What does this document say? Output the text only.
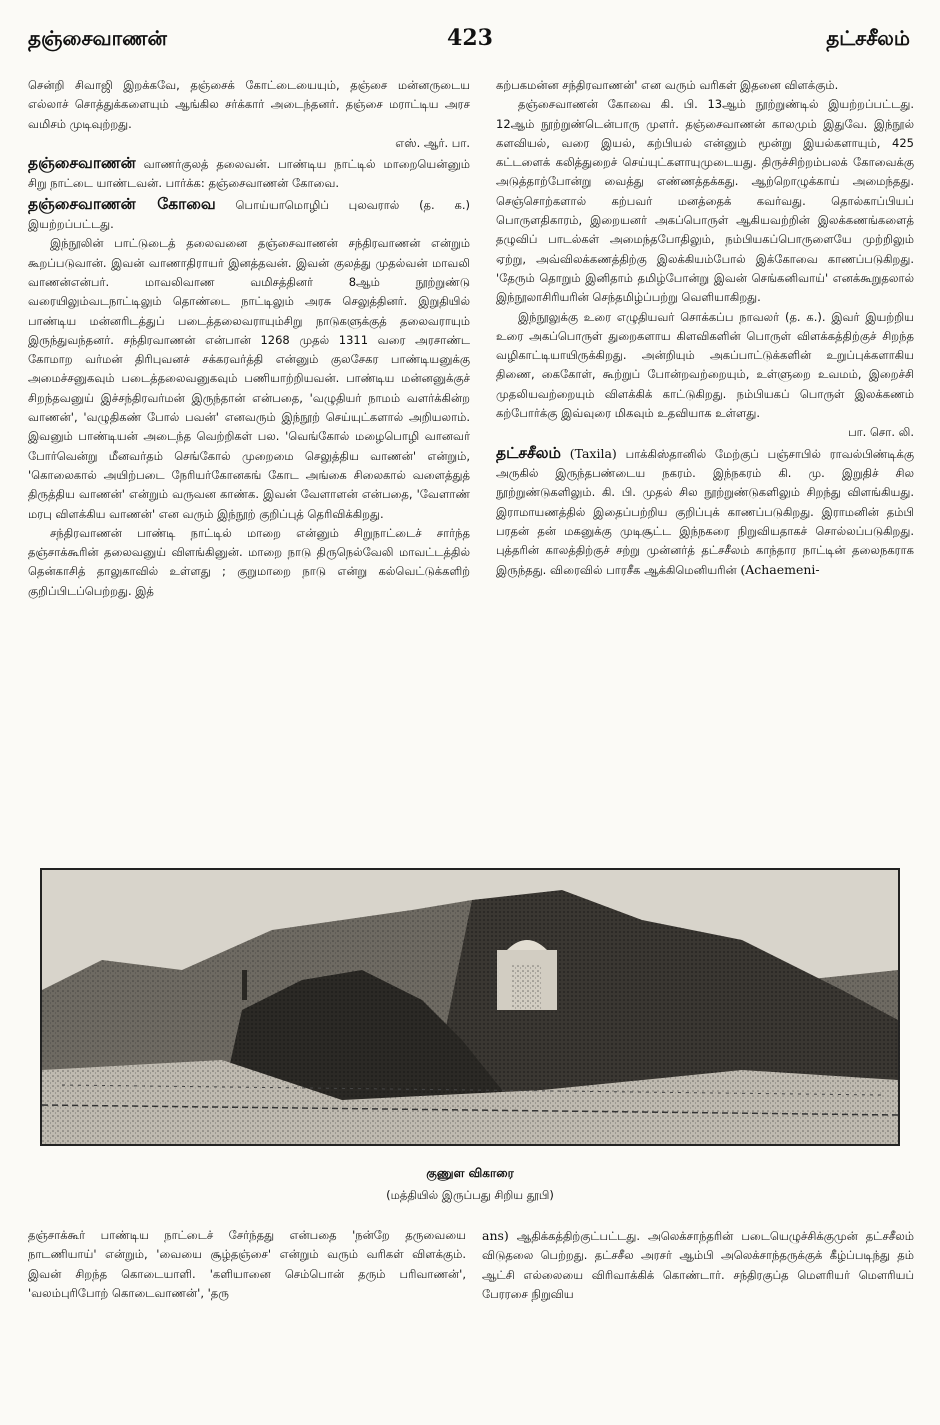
தஞ்சைவாணன்	423	தட்சசீலம்

சென்றி சிவாஜி இறக்கவே, தஞ்சைக் கோட்டையையும், தஞ்சை மன்னருடைய எல்லாச் சொத்துக்களையும் ஆங்கில சர்க்கார் அடைந்தனர். தஞ்சை மராட்டிய அரச வமிசம் முடிவுற்றது.

எஸ். ஆர். பா.

தஞ்சைவாணன் வாணர்குலத் தலைவன். பாண்டிய நாட்டில் மாறையென்னும் சிறு நாட்டை யாண்டவன். பார்க்க: தஞ்சைவாணன் கோவை.

தஞ்சைவாணன் கோவை பொய்யாமொழிப் புலவரால் (த. க.) இயற்றப்பட்டது.

இந்நூலின் பாட்டுடைத் தலைவனை தஞ்சைவாணன் சந்திரவாணன் என்றும் கூறப்படுவான். இவன் வாணாதிராயர் இனத்தவன். இவன் குலத்து முதல்வன் மாவலி வாணன்என்பர். மாவலிவாண வமிசத்தினர் 8ஆம் நூற்றுண்டு வரையிலும்வடநாட்டிலும் தொண்டை நாட்டிலும் அரசு செலுத்தினர். இறுதியில் பாண்டிய மன்னரிடத்துப் படைத்தலைவராயும்சிறு நாடுகளுக்குத் தலைவராயும் இருந்துவந்தனர். சந்திரவாணன் என்பான் 1268 முதல் 1311 வரை அரசாண்ட கோமாற வர்மன் திரிபுவனச் சக்கரவர்த்தி என்னும் குலசேகர பாண்டியனுக்கு அமைச்சனுகவும் படைத்தலைவனுகவும் பணியாற்றியவன். பாண்டிய மன்னனுக்குச் சிறந்தவனுய் இச்சந்திரவர்மன் இருந்தான் என்பதை, 'வழுதியர் நாமம் வளர்க்கின்ற வாணன்', 'வழுதிகண் போல் பவன்' எனவரும் இந்நூற் செய்யுட்களால் அறியலாம். இவனும் பாண்டியன் அடைந்த வெற்றிகள் பல. 'வெங்கோல் மழைபொழி வானவர் போர்வென்று மீனவர்தம் செங்கோல் முறைமை செலுத்திய வாணன்' என்றும், 'கொலைகால் அயிற்படை நேரியர்கோனகங் கோட அங்கை சிலைகால் வளைத்துத் திருத்திய வாணன்' என்றும் வருவன காண்க. இவன் வேளாளன் என்பதை, 'வேளாண் மரபு விளக்கிய வாணன்' என வரும் இந்நூற் குறிப்புத் தெரிவிக்கிறது.

சந்திரவாணன் பாண்டி நாட்டில் மாறை என்னும் சிறுநாட்டைச் சார்ந்த தஞ்சாக்கூரின் தலைவனுய் விளங்கினுன். மாறை நாடு திருநெல்வேலி மாவட்டத்தில் தென்காசித் தாலுகாவில் உள்ளது ; குறுமாறை நாடு என்று கல்வெட்டுக்களிற் குறிப்பிடப்பெற்றது. இத்

கற்பகமன்ன சந்திரவாணன்' என வரும் வரிகள் இதனை விளக்கும்.

தஞ்சைவாணன் கோவை கி. பி. 13ஆம் நூற்றுண்டில் இயற்றப்பட்டது. 12ஆம் நூற்றுண்டென்பாரு முளர். தஞ்சைவாணன் காலமும் இதுவே. இந்நூல் களவியல், வரை இயல், கற்பியல் என்னும் மூன்று இயல்களாயும், 425 கட்டளைக் கலித்துறைச் செய்யுட்களாயுமுடையது. திருச்சிற்றம்பலக் கோவைக்கு அடுத்தாற்போன்று வைத்து எண்ணத்தக்கது. ஆற்றொழுக்காய் அமைந்தது. செஞ்சொற்களால் கற்பவர் மனத்தைக் கவர்வது. தொல்காப்பியப் பொருளதிகாரம், இறையனர் அகப்பொருள் ஆகியவற்றின் இலக்கணங்களைத் தழுவிப் பாடல்கள் அமைந்தபோதிலும், நம்பியகப்பொருளையே முற்றிலும் ஏற்று, அவ்விலக்கணத்திற்கு இலக்கியம்போல் இக்கோவை காணப்படுகிறது. 'தேரும் தொறும் இனிதாம் தமிழ்போன்று இவன் செங்கனிவாய்' எனக்கூறுதலால் இந்நூலாசிரியரின் செந்தமிழ்ப்பற்று வெளியாகிறது.

இந்நூலுக்கு உரை எழுதியவர் சொக்கப்ப நாவலர் (த. க.). இவர் இயற்றிய உரை அகப்பொருள் துறைகளாய கிளவிகளின் பொருள் விளக்கத்திற்குச் சிறந்த வழிகாட்டியாயிருக்கிறது. அன்றியும் அகப்பாட்டுக்களின் உறுப்புக்களாகிய திணை, கைகோள், கூற்றுப் போன்றவற்றையும், உள்ளுறை உவமம், இறைச்சி முதலியவற்றையும் விளக்கிக் காட்டுகிறது. நம்பியகப் பொருள் இலக்கணம் கற்போர்க்கு இவ்வுரை மிகவும் உதவியாக உள்ளது.

பா. சொ. லி.

தட்சசீலம் (Taxila) பாக்கிஸ்தானில் மேற்குப் பஞ்சாபில் ராவல்பிண்டிக்கு அருகில் இருந்தபண்டைய நகரம். இந்நகரம் கி. மு. இறுதிச் சில நூற்றுண்டுகளிலும். கி. பி. முதல் சில நூற்றுண்டுகளிலும் சிறந்து விளங்கியது. இராமாயணத்தில் இதைப்பற்றிய குறிப்புக் காணப்படுகிறது. இராமனின் தம்பி பரதன் தன் மகனுக்கு முடிசூட்ட இந்நகரை நிறுவியதாகச் சொல்லப்படுகிறது. புத்தரின் காலத்திற்குச் சற்று முன்னர்த் தட்சசீலம் காந்தார நாட்டின் தலைநகராக இருந்தது. விரைவில் பாரசீக ஆக்கிமெனியரின் (Achaemeni-

குணுள விகாரை
(மத்தியில் இருப்பது சிறிய தூபி)

தஞ்சாக்கூர் பாண்டிய நாட்டைச் சேர்ந்தது என்பதை 'நன்றே தருவையை நாடணியாய்' என்றும், 'வையை சூழ்தஞ்சை' என்றும் வரும் வரிகள் விளக்கும். இவன் சிறந்த கொடையாளி. 'களியானை செம்பொன் தரும் பரிவாணன்', 'வலம்புரிபோற் கொடைவாணன்', 'தரு

ans) ஆதிக்கத்திற்குட்பட்டது. அலெக்சாந்தரின் படையெழுச்சிக்குமுன் தட்சசீலம் விடுதலை பெற்றது. தட்சசீல அரசர் ஆம்பி அலெக்சாந்தருக்குக் கீழ்ப்படிந்து தம் ஆட்சி எல்லையை விரிவாக்கிக் கொண்டார். சந்திரகுப்த மௌரியர் மௌரியப் பேரரசை நிறுவிய
